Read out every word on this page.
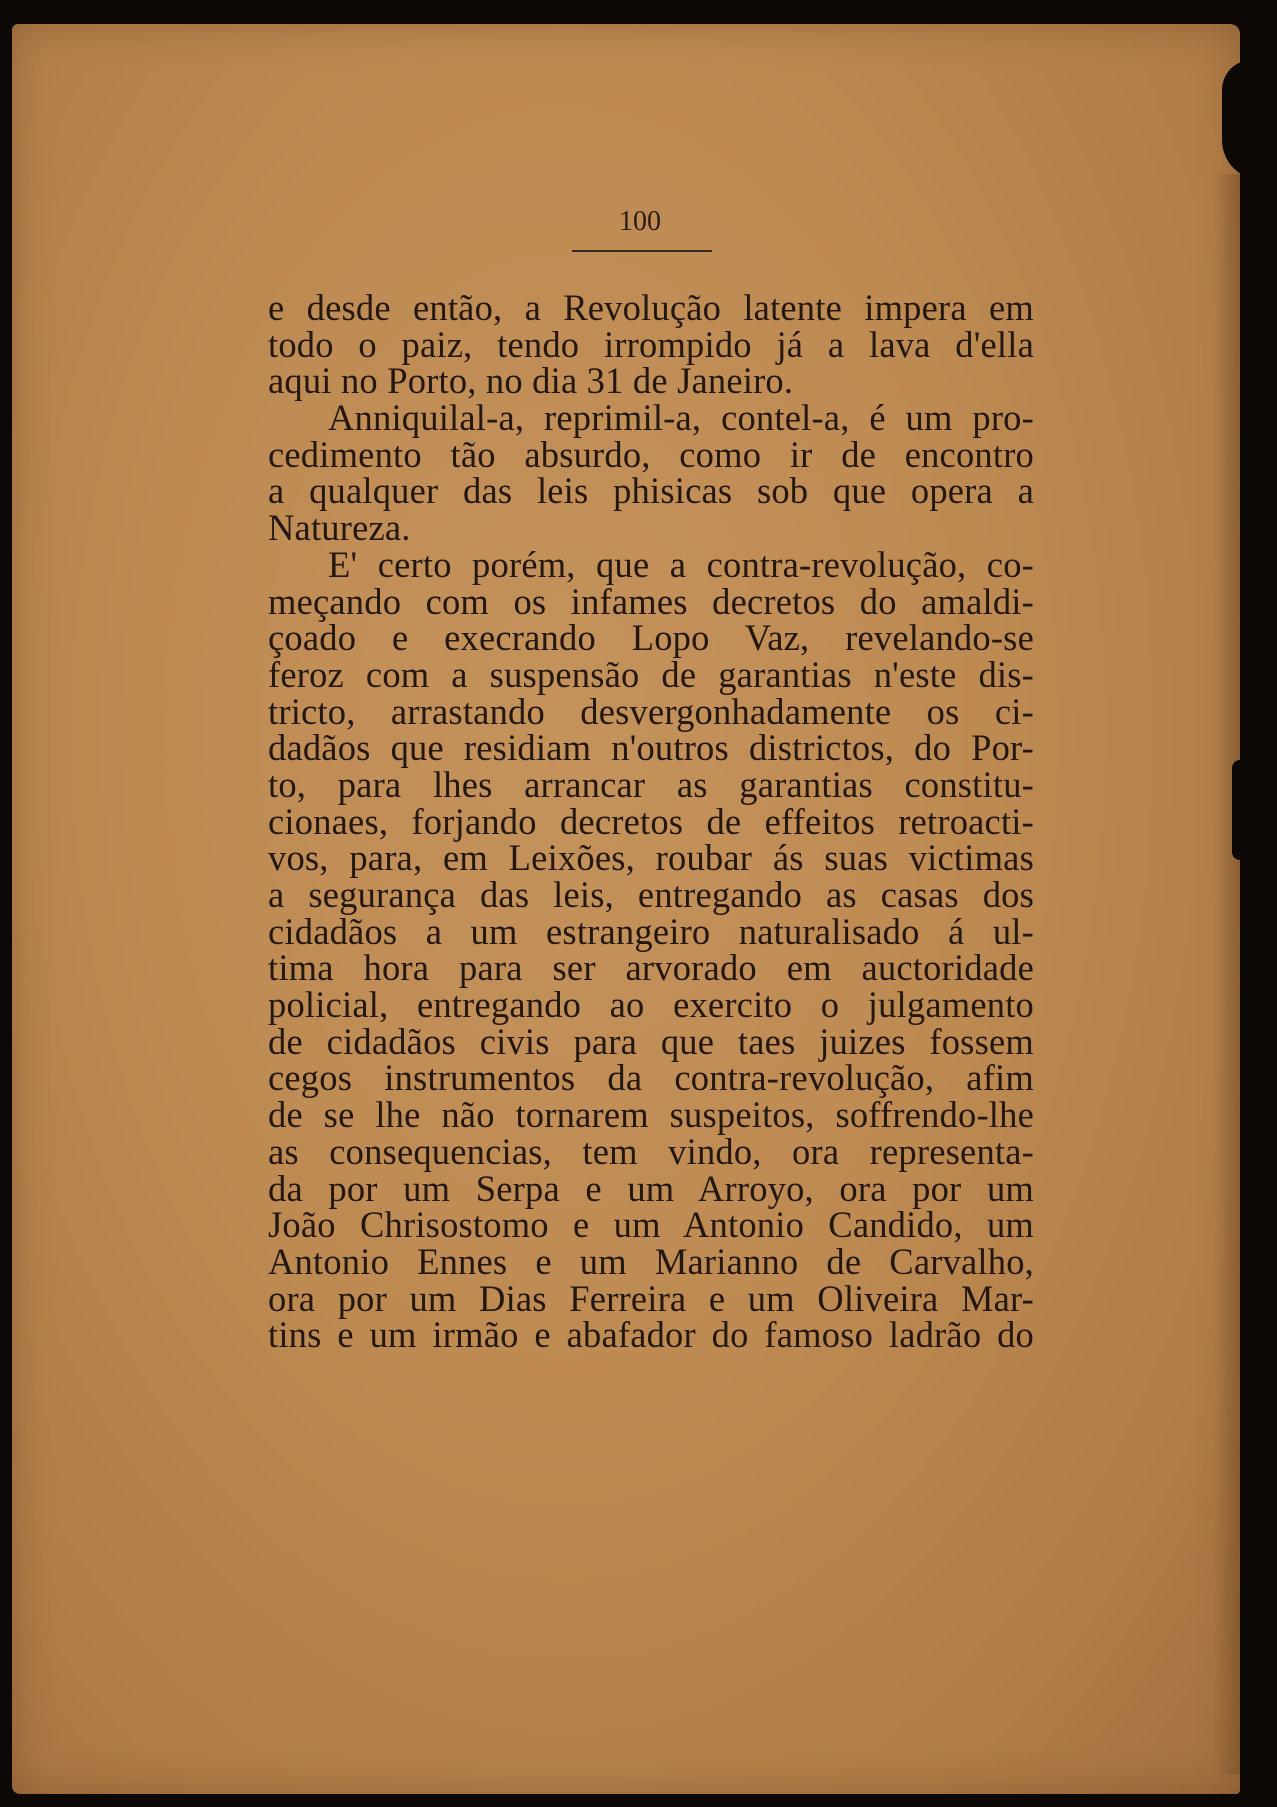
100
e desde então, a Revolução latente impera em
todo o paiz, tendo irrompido já a lava d'ella
aqui no Porto, no dia 31 de Janeiro.
Anniquilal-a, reprimil-a, contel-a, é um pro-
cedimento tão absurdo, como ir de encontro
a qualquer das leis phisicas sob que opera a
Natureza.
E' certo porém, que a contra-revolução, co-
meçando com os infames decretos do amaldi-
çoado e execrando Lopo Vaz, revelando-se
feroz com a suspensão de garantias n'este dis-
tricto, arrastando desvergonhadamente os ci-
dadãos que residiam n'outros districtos, do Por-
to, para lhes arrancar as garantias constitu-
cionaes, forjando decretos de effeitos retroacti-
vos, para, em Leixões, roubar ás suas victimas
a segurança das leis, entregando as casas dos
cidadãos a um estrangeiro naturalisado á ul-
tima hora para ser arvorado em auctoridade
policial, entregando ao exercito o julgamento
de cidadãos civis para que taes juizes fossem
cegos instrumentos da contra-revolução, afim
de se lhe não tornarem suspeitos, soffrendo-lhe
as consequencias, tem vindo, ora representa-
da por um Serpa e um Arroyo, ora por um
João Chrisostomo e um Antonio Candido, um
Antonio Ennes e um Marianno de Carvalho,
ora por um Dias Ferreira e um Oliveira Mar-
tins e um irmão e abafador do famoso ladrão do
